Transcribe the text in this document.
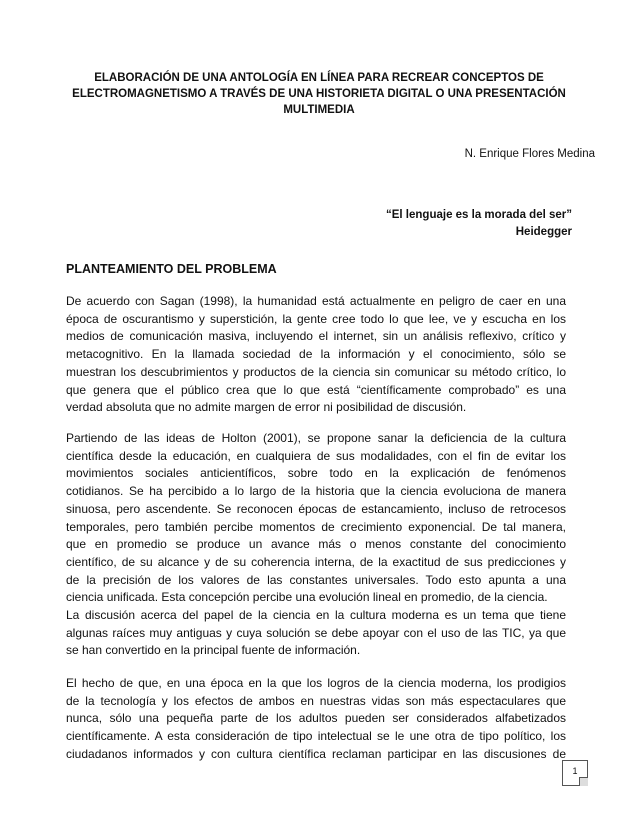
ELABORACIÓN DE UNA ANTOLOGÍA EN LÍNEA PARA RECREAR CONCEPTOS DE
ELECTROMAGNETISMO A TRAVÉS DE UNA HISTORIETA DIGITAL O UNA PRESENTACIÓN
MULTIMEDIA
N. Enrique Flores Medina
“El lenguaje es la morada del ser”
Heidegger
PLANTEAMIENTO DEL PROBLEMA
De acuerdo con Sagan (1998), la humanidad está actualmente en peligro de caer en una
época de oscurantismo y superstición, la gente cree todo lo que lee, ve y escucha en los
medios de comunicación masiva, incluyendo el internet, sin un análisis reflexivo, crítico y
metacognitivo. En la llamada sociedad de la información y el conocimiento, sólo se
muestran los descubrimientos y productos de la ciencia sin comunicar su método crítico, lo
que genera que el público crea que lo que está “científicamente comprobado” es una
verdad absoluta que no admite margen de error ni posibilidad de discusión.
Partiendo de las ideas de Holton (2001), se propone sanar la deficiencia de la cultura
científica desde la educación, en cualquiera de sus modalidades, con el fin de evitar los
movimientos sociales anticientíficos, sobre todo en la explicación de fenómenos
cotidianos. Se ha percibido a lo largo de la historia que la ciencia evoluciona de manera
sinuosa, pero ascendente. Se reconocen épocas de estancamiento, incluso de retrocesos
temporales, pero también percibe momentos de crecimiento exponencial. De tal manera,
que en promedio se produce un avance más o menos constante del conocimiento
científico, de su alcance y de su coherencia interna, de la exactitud de sus predicciones y
de la precisión de los valores de las constantes universales. Todo esto apunta a una
ciencia unificada. Esta concepción percibe una evolución lineal en promedio, de la ciencia.
La discusión acerca del papel de la ciencia en la cultura moderna es un tema que tiene
algunas raíces muy antiguas y cuya solución se debe apoyar con el uso de las TIC, ya que
se han convertido en la principal fuente de información.
El hecho de que, en una época en la que los logros de la ciencia moderna, los prodigios
de la tecnología y los efectos de ambos en nuestras vidas son más espectaculares que
nunca, sólo una pequeña parte de los adultos pueden ser considerados alfabetizados
científicamente. A esta consideración de tipo intelectual se le une otra de tipo político, los
ciudadanos informados y con cultura científica reclaman participar en las discusiones de
1
